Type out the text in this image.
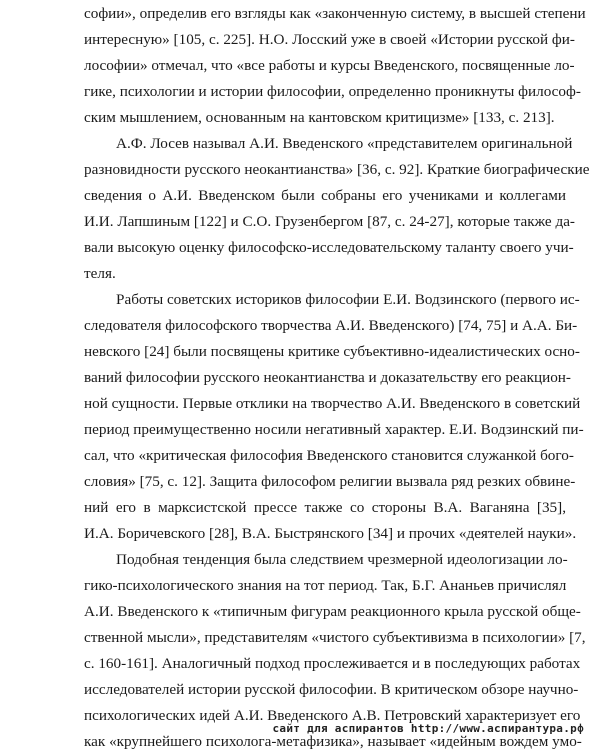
софии», определив его взгляды как «законченную систему, в высшей степени
интересную» [105, с. 225]. Н.О. Лосский уже в своей «Истории русской фи-
лософии» отмечал, что «все работы и курсы Введенского, посвященные ло-
гике, психологии и истории философии, определенно проникнуты философ-
ским мышлением, основанным на кантовском критицизме» [133, с. 213].
А.Ф. Лосев называл А.И. Введенского «представителем оригинальной
разновидности русского неокантианства» [36, с. 92]. Краткие биографические
сведения о А.И. Введенском были собраны его учениками и коллегами
И.И. Лапшиным [122] и С.О. Грузенбергом [87, с. 24-27], которые также да-
вали высокую оценку философско-исследовательскому таланту своего учи-
теля.
Работы советских историков философии Е.И. Водзинского (первого ис-
следователя философского творчества А.И. Введенского) [74, 75] и А.А. Би-
невского [24] были посвящены критике субъективно-идеалистических осно-
ваний философии русского неокантианства и доказательству его реакцион-
ной сущности. Первые отклики на творчество А.И. Введенского в советский
период преимущественно носили негативный характер. Е.И. Водзинский пи-
сал, что «критическая философия Введенского становится служанкой бого-
словия» [75, с. 12]. Защита философом религии вызвала ряд резких обвине-
ний его в марксистской прессе также со стороны В.А. Ваганяна [35],
И.А. Боричевского [28], В.А. Быстрянского [34] и прочих «деятелей науки».
Подобная тенденция была следствием чрезмерной идеологизации ло-
гико-психологического знания на тот период. Так, Б.Г. Ананьев причислял
А.И. Введенского к «типичным фигурам реакционного крыла русской обще-
ственной мысли», представителям «чистого субъективизма в психологии» [7,
с. 160-161]. Аналогичный подход прослеживается и в последующих работах
исследователей истории русской философии. В критическом обзоре научно-
психологических идей А.И. Введенского А.В. Петровский характеризует его
как «крупнейшего психолога-метафизика», называет «идейным вождем умо-
сайт для аспирантов http://www.аспирантура.рф
